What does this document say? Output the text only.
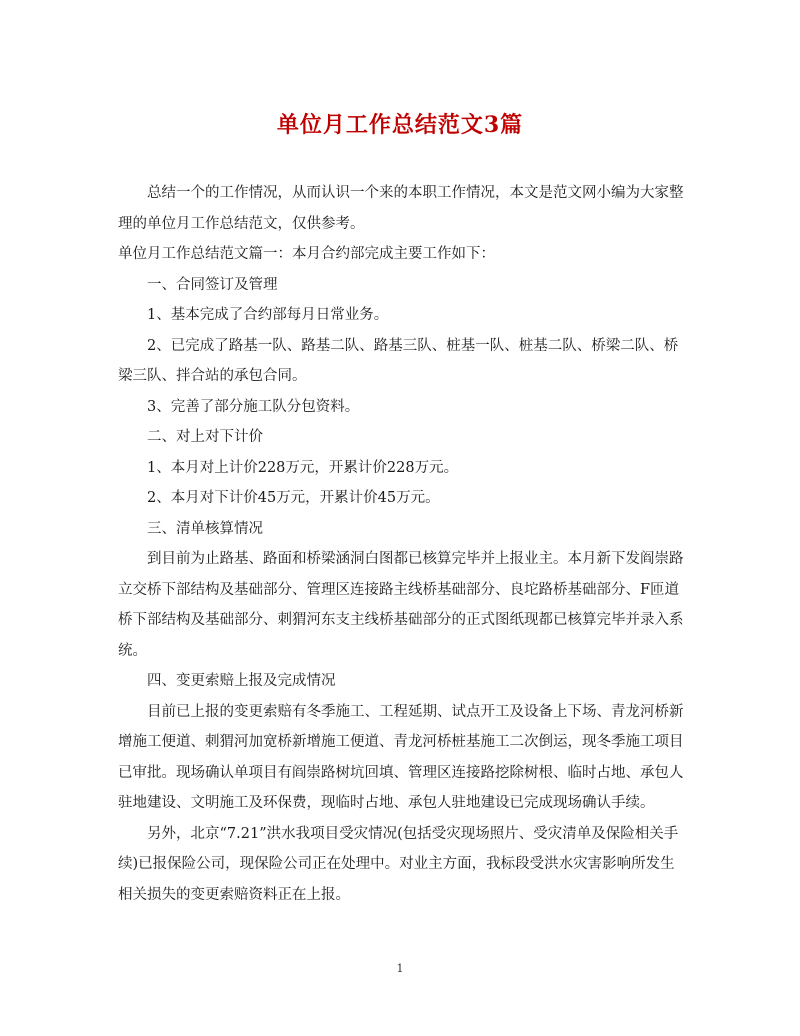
单位月工作总结范文3篇

总结一个的工作情况，从而认识一个来的本职工作情况，本文是范文网小编为大家整理的单位月工作总结范文，仅供参考。

单位月工作总结范文篇一：本月合约部完成主要工作如下：

一、合同签订及管理

1、基本完成了合约部每月日常业务。

2、已完成了路基一队、路基二队、路基三队、桩基一队、桩基二队、桥梁二队、桥梁三队、拌合站的承包合同。

3、完善了部分施工队分包资料。

二、对上对下计价

1、本月对上计价228万元，开累计价228万元。

2、本月对下计价45万元，开累计价45万元。

三、清单核算情况

到目前为止路基、路面和桥梁涵洞白图都已核算完毕并上报业主。本月新下发阎崇路立交桥下部结构及基础部分、管理区连接路主线桥基础部分、良坨路桥基础部分、F匝道桥下部结构及基础部分、刺猬河东支主线桥基础部分的正式图纸现都已核算完毕并录入系统。

四、变更索赔上报及完成情况

目前已上报的变更索赔有冬季施工、工程延期、试点开工及设备上下场、青龙河桥新增施工便道、刺猬河加宽桥新增施工便道、青龙河桥桩基施工二次倒运，现冬季施工项目已审批。现场确认单项目有阎崇路树坑回填、管理区连接路挖除树根、临时占地、承包人驻地建设、文明施工及环保费，现临时占地、承包人驻地建设已完成现场确认手续。

另外，北京“7.21”洪水我项目受灾情况(包括受灾现场照片、受灾清单及保险相关手续)已报保险公司，现保险公司正在处理中。对业主方面，我标段受洪水灾害影响所发生相关损失的变更索赔资料正在上报。

1
